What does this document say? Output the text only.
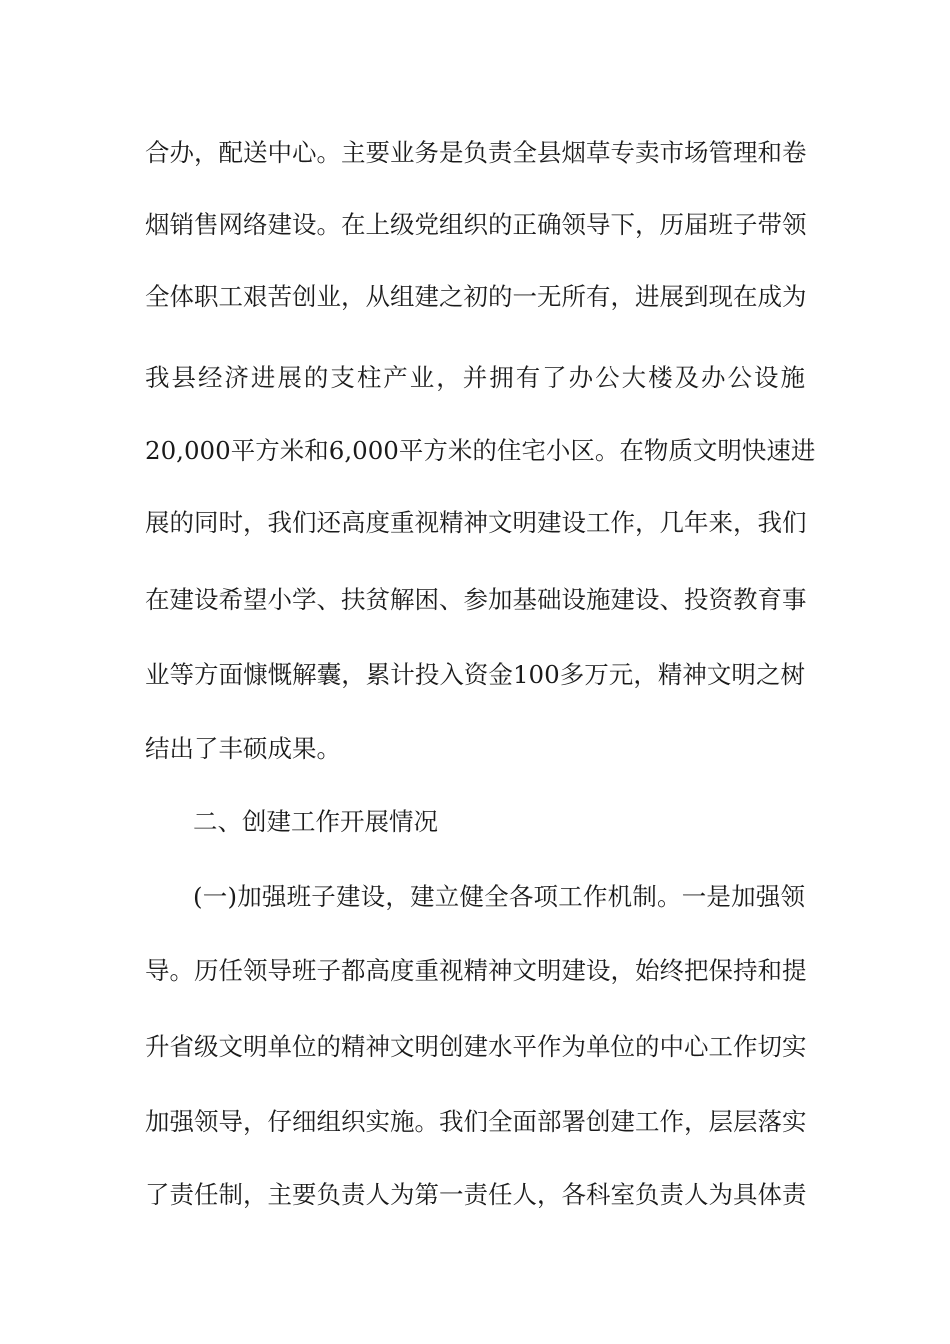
合办，配送中心。主要业务是负责全县烟草专卖市场管理和卷
烟销售网络建设。在上级党组织的正确领导下，历届班子带领
全体职工艰苦创业，从组建之初的一无所有，进展到现在成为
我县经济进展的支柱产业，并拥有了办公大楼及办公设施
20,000平方米和6,000平方米的住宅小区。在物质文明快速进
展的同时，我们还高度重视精神文明建设工作，几年来，我们
在建设希望小学、扶贫解困、参加基础设施建设、投资教育事
业等方面慷慨解囊，累计投入资金100多万元，精神文明之树
结出了丰硕成果。
二、创建工作开展情况
(一)加强班子建设，建立健全各项工作机制。一是加强领
导。历任领导班子都高度重视精神文明建设，始终把保持和提
升省级文明单位的精神文明创建水平作为单位的中心工作切实
加强领导，仔细组织实施。我们全面部署创建工作，层层落实
了责任制，主要负责人为第一责任人，各科室负责人为具体责
